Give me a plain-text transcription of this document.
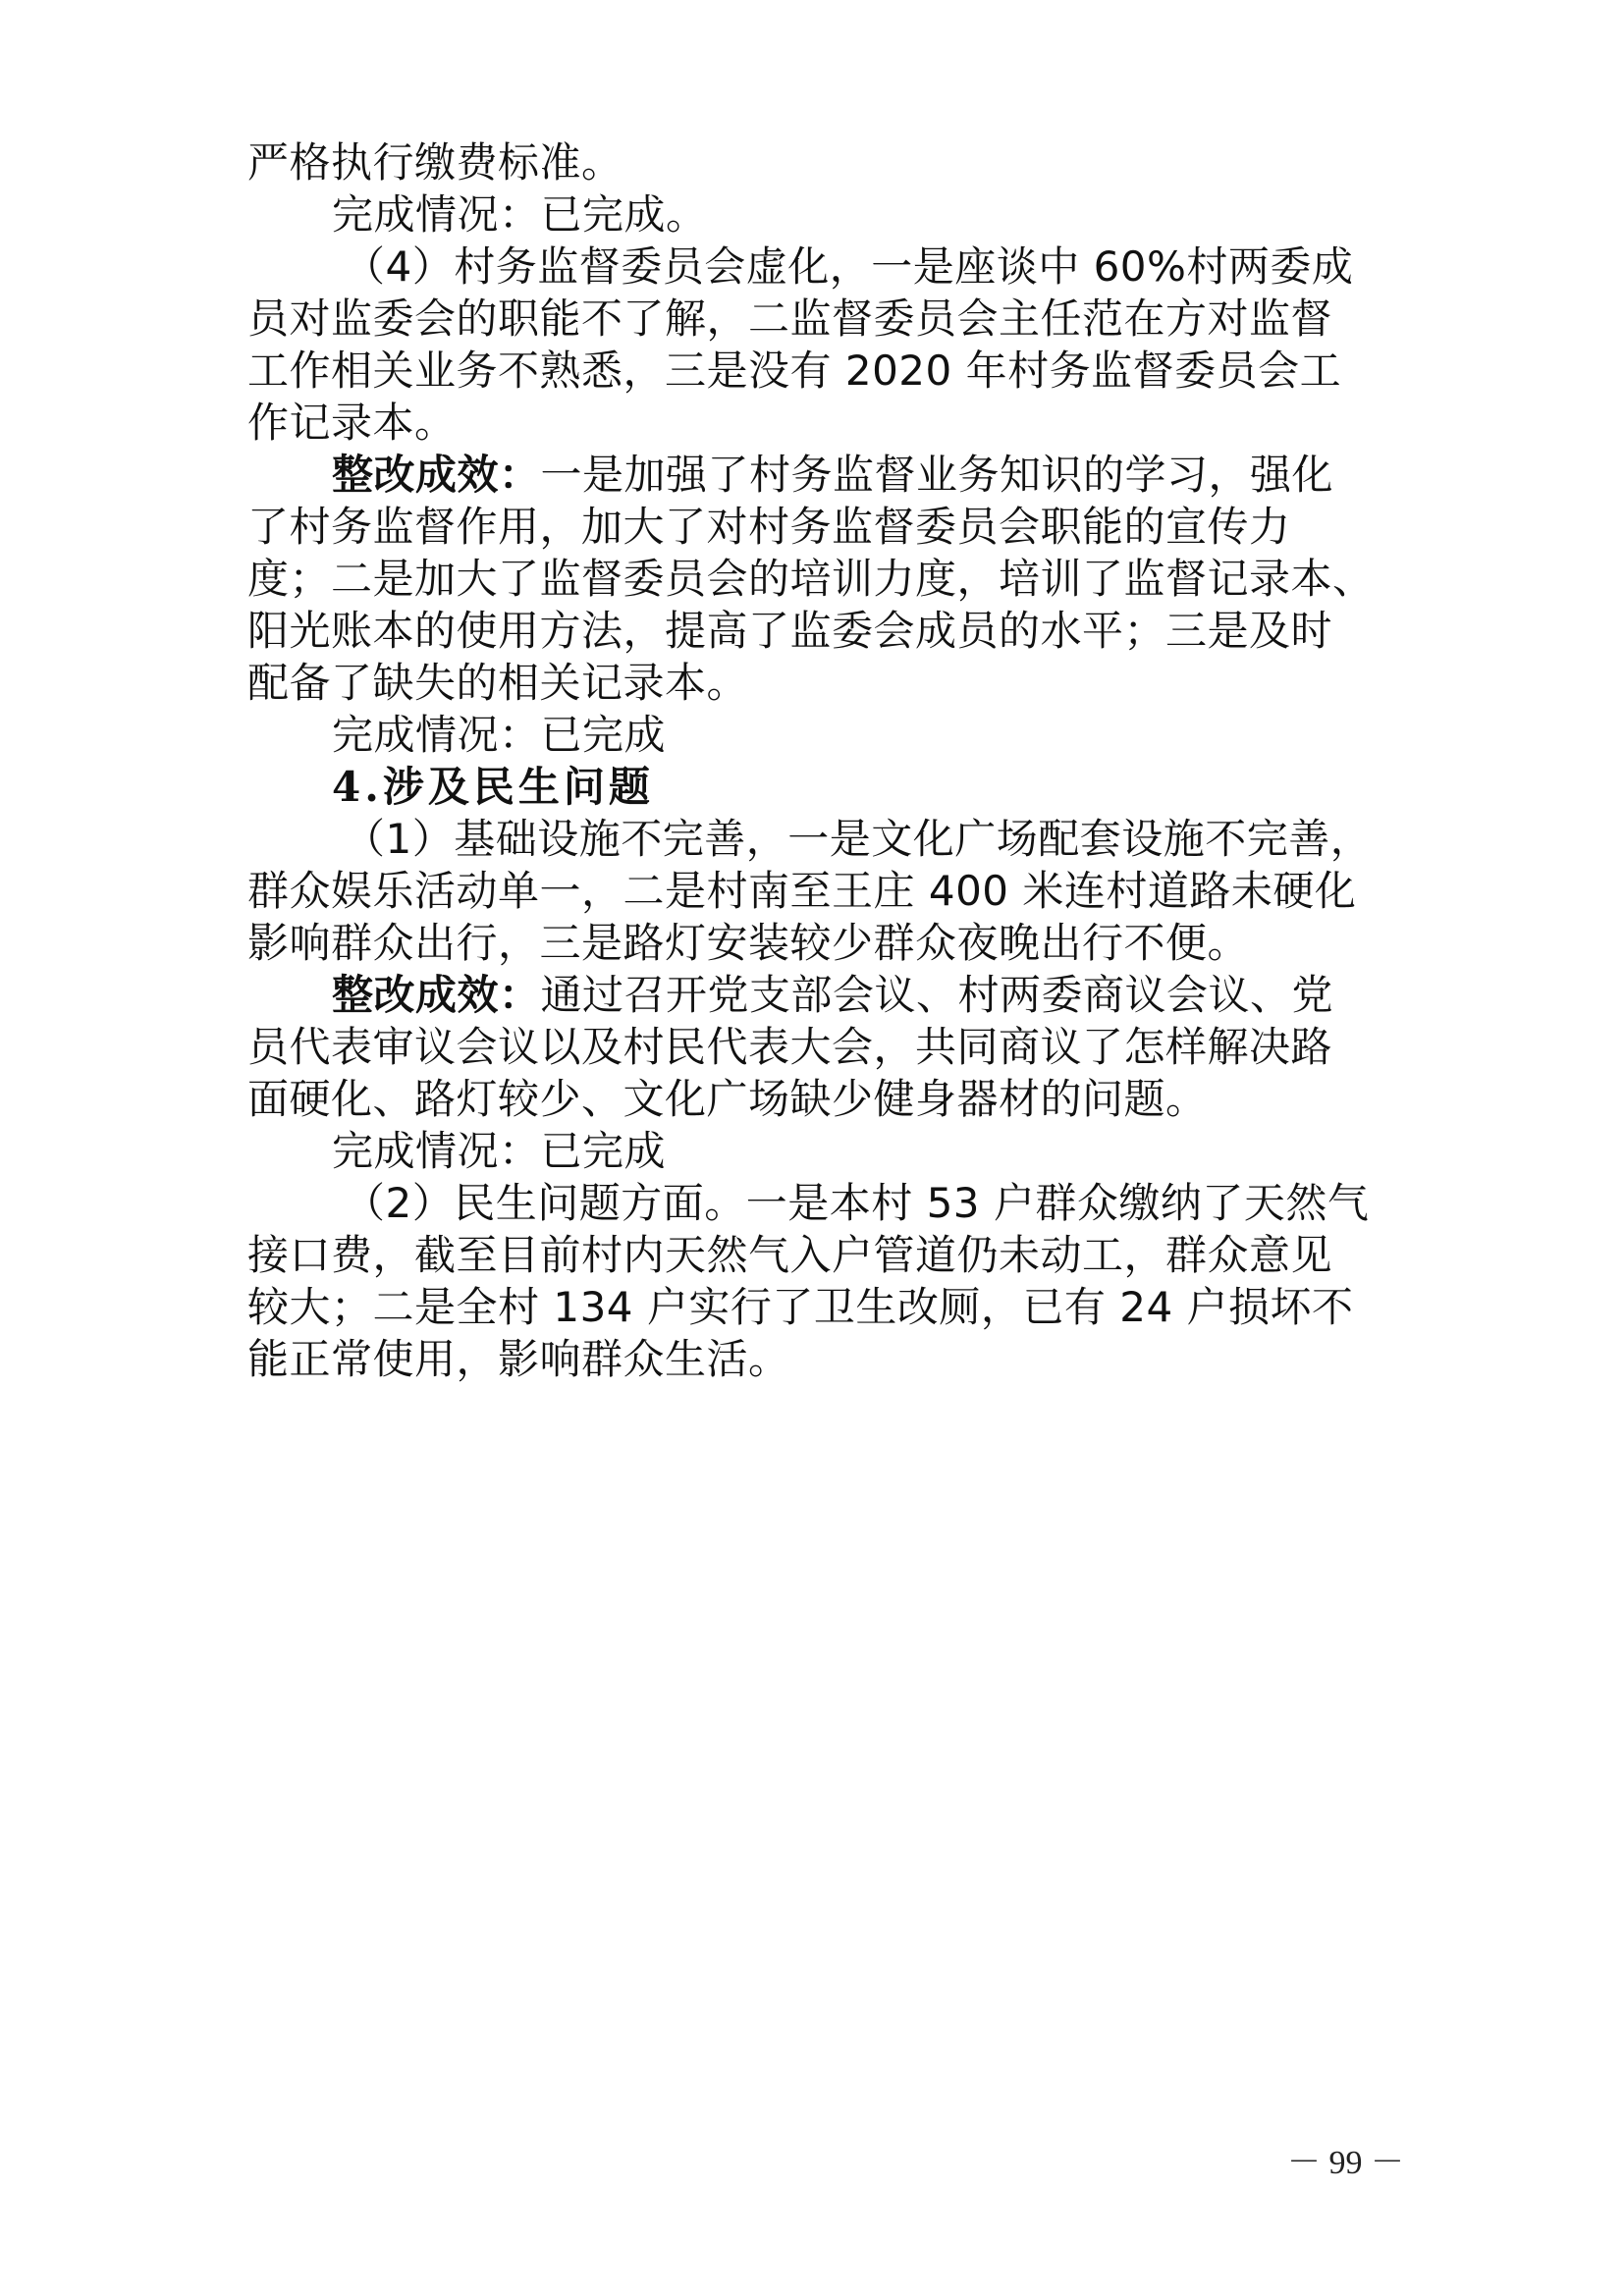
严格执行缴费标准。
完成情况：已完成。
（4）村务监督委员会虚化，一是座谈中 60%村两委成
员对监委会的职能不了解，二监督委员会主任范在方对监督
工作相关业务不熟悉，三是没有 2020 年村务监督委员会工
作记录本。
整改成效：一是加强了村务监督业务知识的学习，强化
了村务监督作用，加大了对村务监督委员会职能的宣传力
度；二是加大了监督委员会的培训力度，培训了监督记录本、
阳光账本的使用方法，提高了监委会成员的水平；三是及时
配备了缺失的相关记录本。
完成情况：已完成
4.涉及民生问题
（1）基础设施不完善，一是文化广场配套设施不完善，
群众娱乐活动单一，二是村南至王庄 400 米连村道路未硬化
影响群众出行，三是路灯安装较少群众夜晚出行不便。
整改成效：通过召开党支部会议、村两委商议会议、党
员代表审议会议以及村民代表大会，共同商议了怎样解决路
面硬化、路灯较少、文化广场缺少健身器材的问题。
完成情况：已完成
（2）民生问题方面。一是本村 53 户群众缴纳了天然气
接口费，截至目前村内天然气入户管道仍未动工，群众意见
较大；二是全村 134 户实行了卫生改厕，已有 24 户损坏不
能正常使用，影响群众生活。
－ 99 －
